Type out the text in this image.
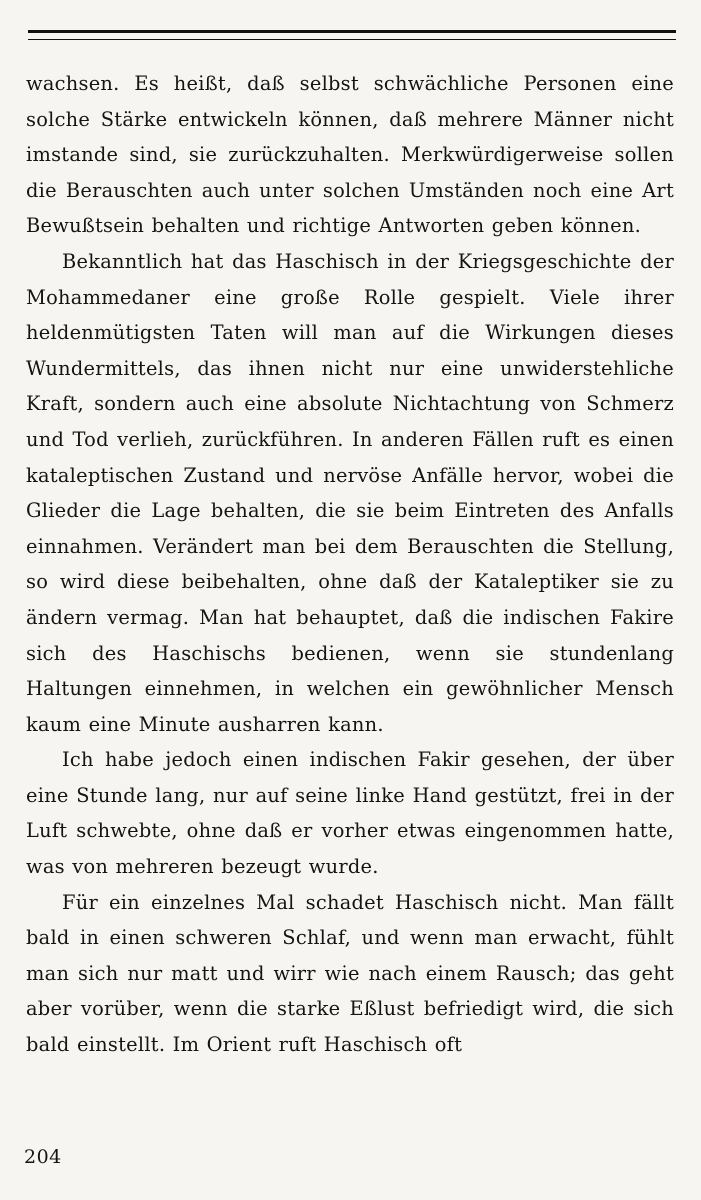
wachsen. Es heißt, daß selbst schwächliche Personen eine solche Stärke entwickeln können, daß mehrere Männer nicht imstande sind, sie zurückzuhalten. Merkwürdigerweise sollen die Berauschten auch unter solchen Umständen noch eine Art Bewußtsein behalten und richtige Antworten geben können.

Bekanntlich hat das Haschisch in der Kriegsgeschichte der Mohammedaner eine große Rolle gespielt. Viele ihrer heldenmütigsten Taten will man auf die Wirkungen dieses Wundermittels, das ihnen nicht nur eine unwiderstehliche Kraft, sondern auch eine absolute Nichtachtung von Schmerz und Tod verlieh, zurückführen. In anderen Fällen ruft es einen kataleptischen Zustand und nervöse Anfälle hervor, wobei die Glieder die Lage behalten, die sie beim Eintreten des Anfalls einnahmen. Verändert man bei dem Berauschten die Stellung, so wird diese beibehalten, ohne daß der Kataleptiker sie zu ändern vermag. Man hat behauptet, daß die indischen Fakire sich des Haschischs bedienen, wenn sie stundenlang Haltungen einnehmen, in welchen ein gewöhnlicher Mensch kaum eine Minute ausharren kann.

Ich habe jedoch einen indischen Fakir gesehen, der über eine Stunde lang, nur auf seine linke Hand gestützt, frei in der Luft schwebte, ohne daß er vorher etwas eingenommen hatte, was von mehreren bezeugt wurde.

Für ein einzelnes Mal schadet Haschisch nicht. Man fällt bald in einen schweren Schlaf, und wenn man erwacht, fühlt man sich nur matt und wirr wie nach einem Rausch; das geht aber vorüber, wenn die starke Eßlust befriedigt wird, die sich bald einstellt. Im Orient ruft Haschisch oft

204
